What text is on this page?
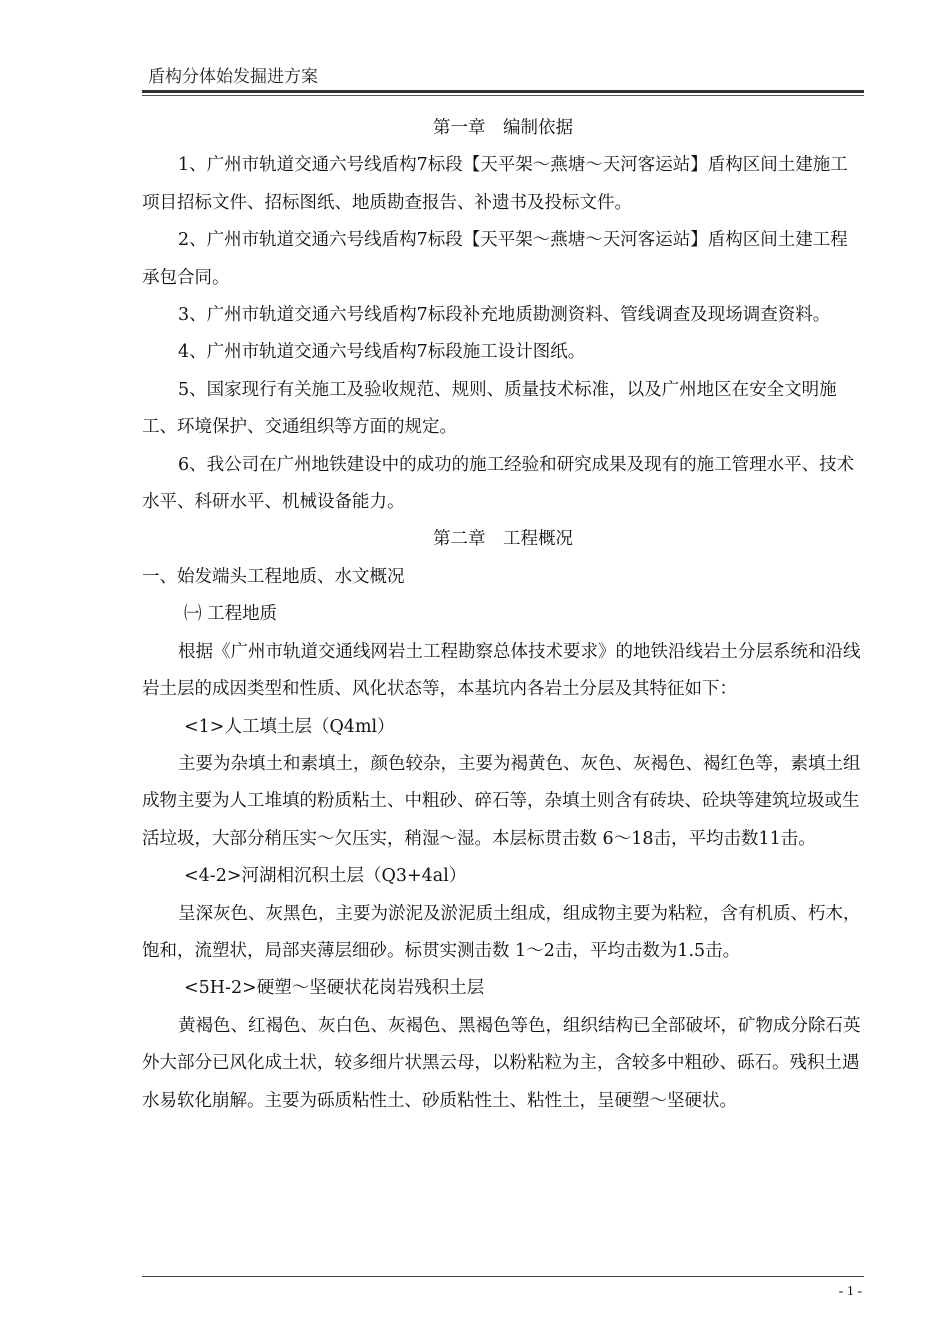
盾构分体始发掘进方案

第一章　编制依据

1、广州市轨道交通六号线盾构7标段【天平架～燕塘～天河客运站】盾构区间土建施工项目招标文件、招标图纸、地质勘查报告、补遗书及投标文件。

2、广州市轨道交通六号线盾构7标段【天平架～燕塘～天河客运站】盾构区间土建工程承包合同。

3、广州市轨道交通六号线盾构7标段补充地质勘测资料、管线调查及现场调查资料。

4、广州市轨道交通六号线盾构7标段施工设计图纸。

5、国家现行有关施工及验收规范、规则、质量技术标准，以及广州地区在安全文明施工、环境保护、交通组织等方面的规定。

6、我公司在广州地铁建设中的成功的施工经验和研究成果及现有的施工管理水平、技术水平、科研水平、机械设备能力。

第二章　工程概况

一、始发端头工程地质、水文概况

㈠ 工程地质

根据《广州市轨道交通线网岩土工程勘察总体技术要求》的地铁沿线岩土分层系统和沿线岩土层的成因类型和性质、风化状态等，本基坑内各岩土分层及其特征如下：

<1>人工填土层（Q4ml）

主要为杂填土和素填土，颜色较杂，主要为褐黄色、灰色、灰褐色、褐红色等，素填土组成物主要为人工堆填的粉质粘土、中粗砂、碎石等，杂填土则含有砖块、砼块等建筑垃圾或生活垃圾，大部分稍压实～欠压实，稍湿～湿。本层标贯击数 6～18击，平均击数11击。

<4-2>河湖相沉积土层（Q3+4al）

呈深灰色、灰黑色，主要为淤泥及淤泥质土组成，组成物主要为粘粒，含有机质、朽木，饱和，流塑状，局部夹薄层细砂。标贯实测击数 1～2击，平均击数为1.5击。

<5H-2>硬塑～坚硬状花岗岩残积土层

黄褐色、红褐色、灰白色、灰褐色、黑褐色等色，组织结构已全部破坏，矿物成分除石英外大部分已风化成土状，较多细片状黑云母，以粉粘粒为主，含较多中粗砂、砾石。残积土遇水易软化崩解。主要为砾质粘性土、砂质粘性土、粘性土，呈硬塑～坚硬状。

- 1 -
